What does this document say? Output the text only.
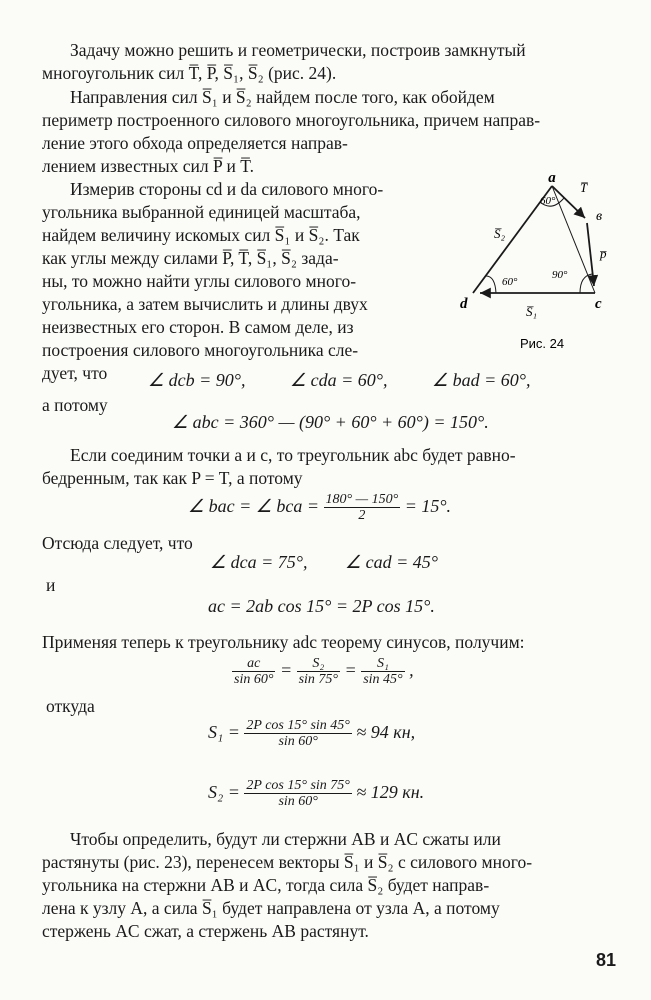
Задачу можно решить и геометрически, построив замкнутый
многоугольник сил T̅, P̅, S̅₁, S̅₂ (рис. 24).
Направления сил S̅₁ и S̅₂ найдем после того, как обойдем
периметр построенного силового многоугольника, причем направ-
ление этого обхода определяется направ-
лением известных сил P̅ и T̅.
Измерив стороны cd и da силового много-
угольника выбранной единицей масштаба,
найдем величину искомых сил S̅₁ и S̅₂. Так
как углы между силами P̅, T̅, S̅₁, S̅₂ зада-
ны, то можно найти углы силового много-
угольника, а затем вычислить и длины двух
неизвестных его сторон. В самом деле, из
построения силового многоугольника сле-
дует, что
a
в
c
d
T̅
p̅
S̅₁
S̅₂
60°
60°
90°
Рис. 24
∠ dcb = 90°, ∠ cda = 60°, ∠ bad = 60°,
а потому
∠ abc = 360° — (90° + 60° + 60°) = 150°.
Если соединим точки a и c, то треугольник abc будет равно-
бедренным, так как P = T, а потому
∠ bac = ∠ bca = $\frac{180^\circ — 150^\circ}{2} = 15^\circ$.
Отсюда следует, что
∠ dca = 75°, ∠ cad = 45°
и
ac = 2ab cos 15° = 2P cos 15°.
Применяя теперь к треугольнику adc теорему синусов, получим:
$\frac{ac}{\sin 60^\circ} = \frac{\text{S₂}}{\sin 75^\circ} = \frac{\text{S₁}}{\sin 45^\circ}$ ,
откуда
$S_1 = \frac{\text{2P cos 15° sin 45°}}{\sin 60^\circ} \approx 94$ кн,
$S_2 = \frac{\text{2P cos 15° sin 75°}}{\sin 60^\circ} \approx 129$ кн.
Чтобы определить, будут ли стержни AB и AC сжаты или
растянуты (рис. 23), перенесем векторы S̅₁ и S̅₂ с силового много-
угольника на стержни AB и AC, тогда сила S̅₂ будет направ-
лена к узлу A, а сила S̅₁ будет направлена от узла A, а потому
стержень AC сжат, а стержень AB растянут.
81
